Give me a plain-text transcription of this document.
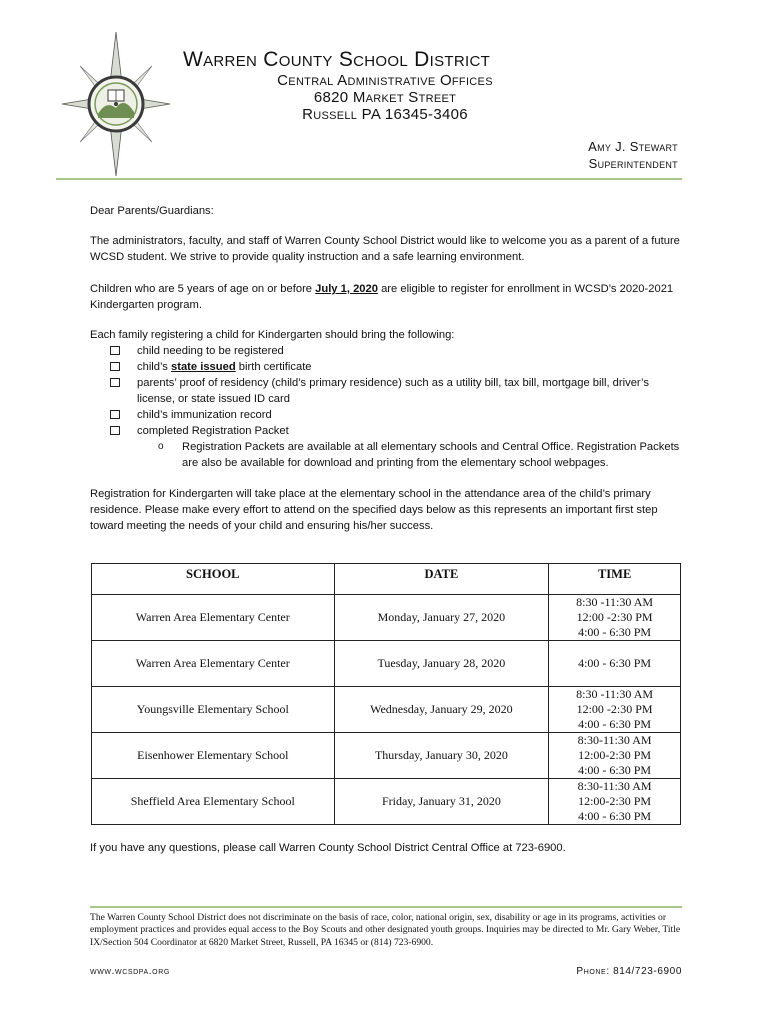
Warren County School District
Central Administrative Offices
6820 Market Street
Russell PA 16345-3406
Amy J. Stewart
Superintendent
Dear Parents/Guardians:
The administrators, faculty, and staff of Warren County School District would like to welcome you as a parent of a future WCSD student. We strive to provide quality instruction and a safe learning environment.
Children who are 5 years of age on or before July 1, 2020 are eligible to register for enrollment in WCSD’s 2020-2021 Kindergarten program.
Each family registering a child for Kindergarten should bring the following:
child needing to be registered
child’s state issued birth certificate
parents’ proof of residency (child’s primary residence) such as a utility bill, tax bill, mortgage bill, driver’s license, or state issued ID card
child’s immunization record
completed Registration Packet
o	Registration Packets are available at all elementary schools and Central Office. Registration Packets are also be available for download and printing from the elementary school webpages.
Registration for Kindergarten will take place at the elementary school in the attendance area of the child’s primary residence. Please make every effort to attend on the specified days below as this represents an important first step toward meeting the needs of your child and ensuring his/her success.
SCHOOL	DATE	TIME
Warren Area Elementary Center	Monday, January 27, 2020	8:30 -11:30 AM
12:00 -2:30 PM
4:00 - 6:30 PM

Warren Area Elementary Center	Tuesday, January 28, 2020	4:00 - 6:30 PM

Youngsville Elementary School	Wednesday, January 29, 2020	8:30 -11:30 AM
12:00 -2:30 PM
4:00 - 6:30 PM

Eisenhower Elementary School	Thursday, January 30, 2020	8:30-11:30 AM
12:00-2:30 PM
4:00 - 6:30 PM

Sheffield Area Elementary School	Friday, January 31, 2020	8:30-11:30 AM
12:00-2:30 PM
4:00 - 6:30 PM
If you have any questions, please call Warren County School District Central Office at 723-6900.
The Warren County School District does not discriminate on the basis of race, color, national origin, sex, disability or age in its programs, activities or employment practices and provides equal access to the Boy Scouts and other designated youth groups. Inquiries may be directed to Mr. Gary Weber, Title IX/Section 504 Coordinator at 6820 Market Street, Russell, PA 16345 or (814) 723-6900.
www.wcsdpa.org	Phone: 814/723-6900
